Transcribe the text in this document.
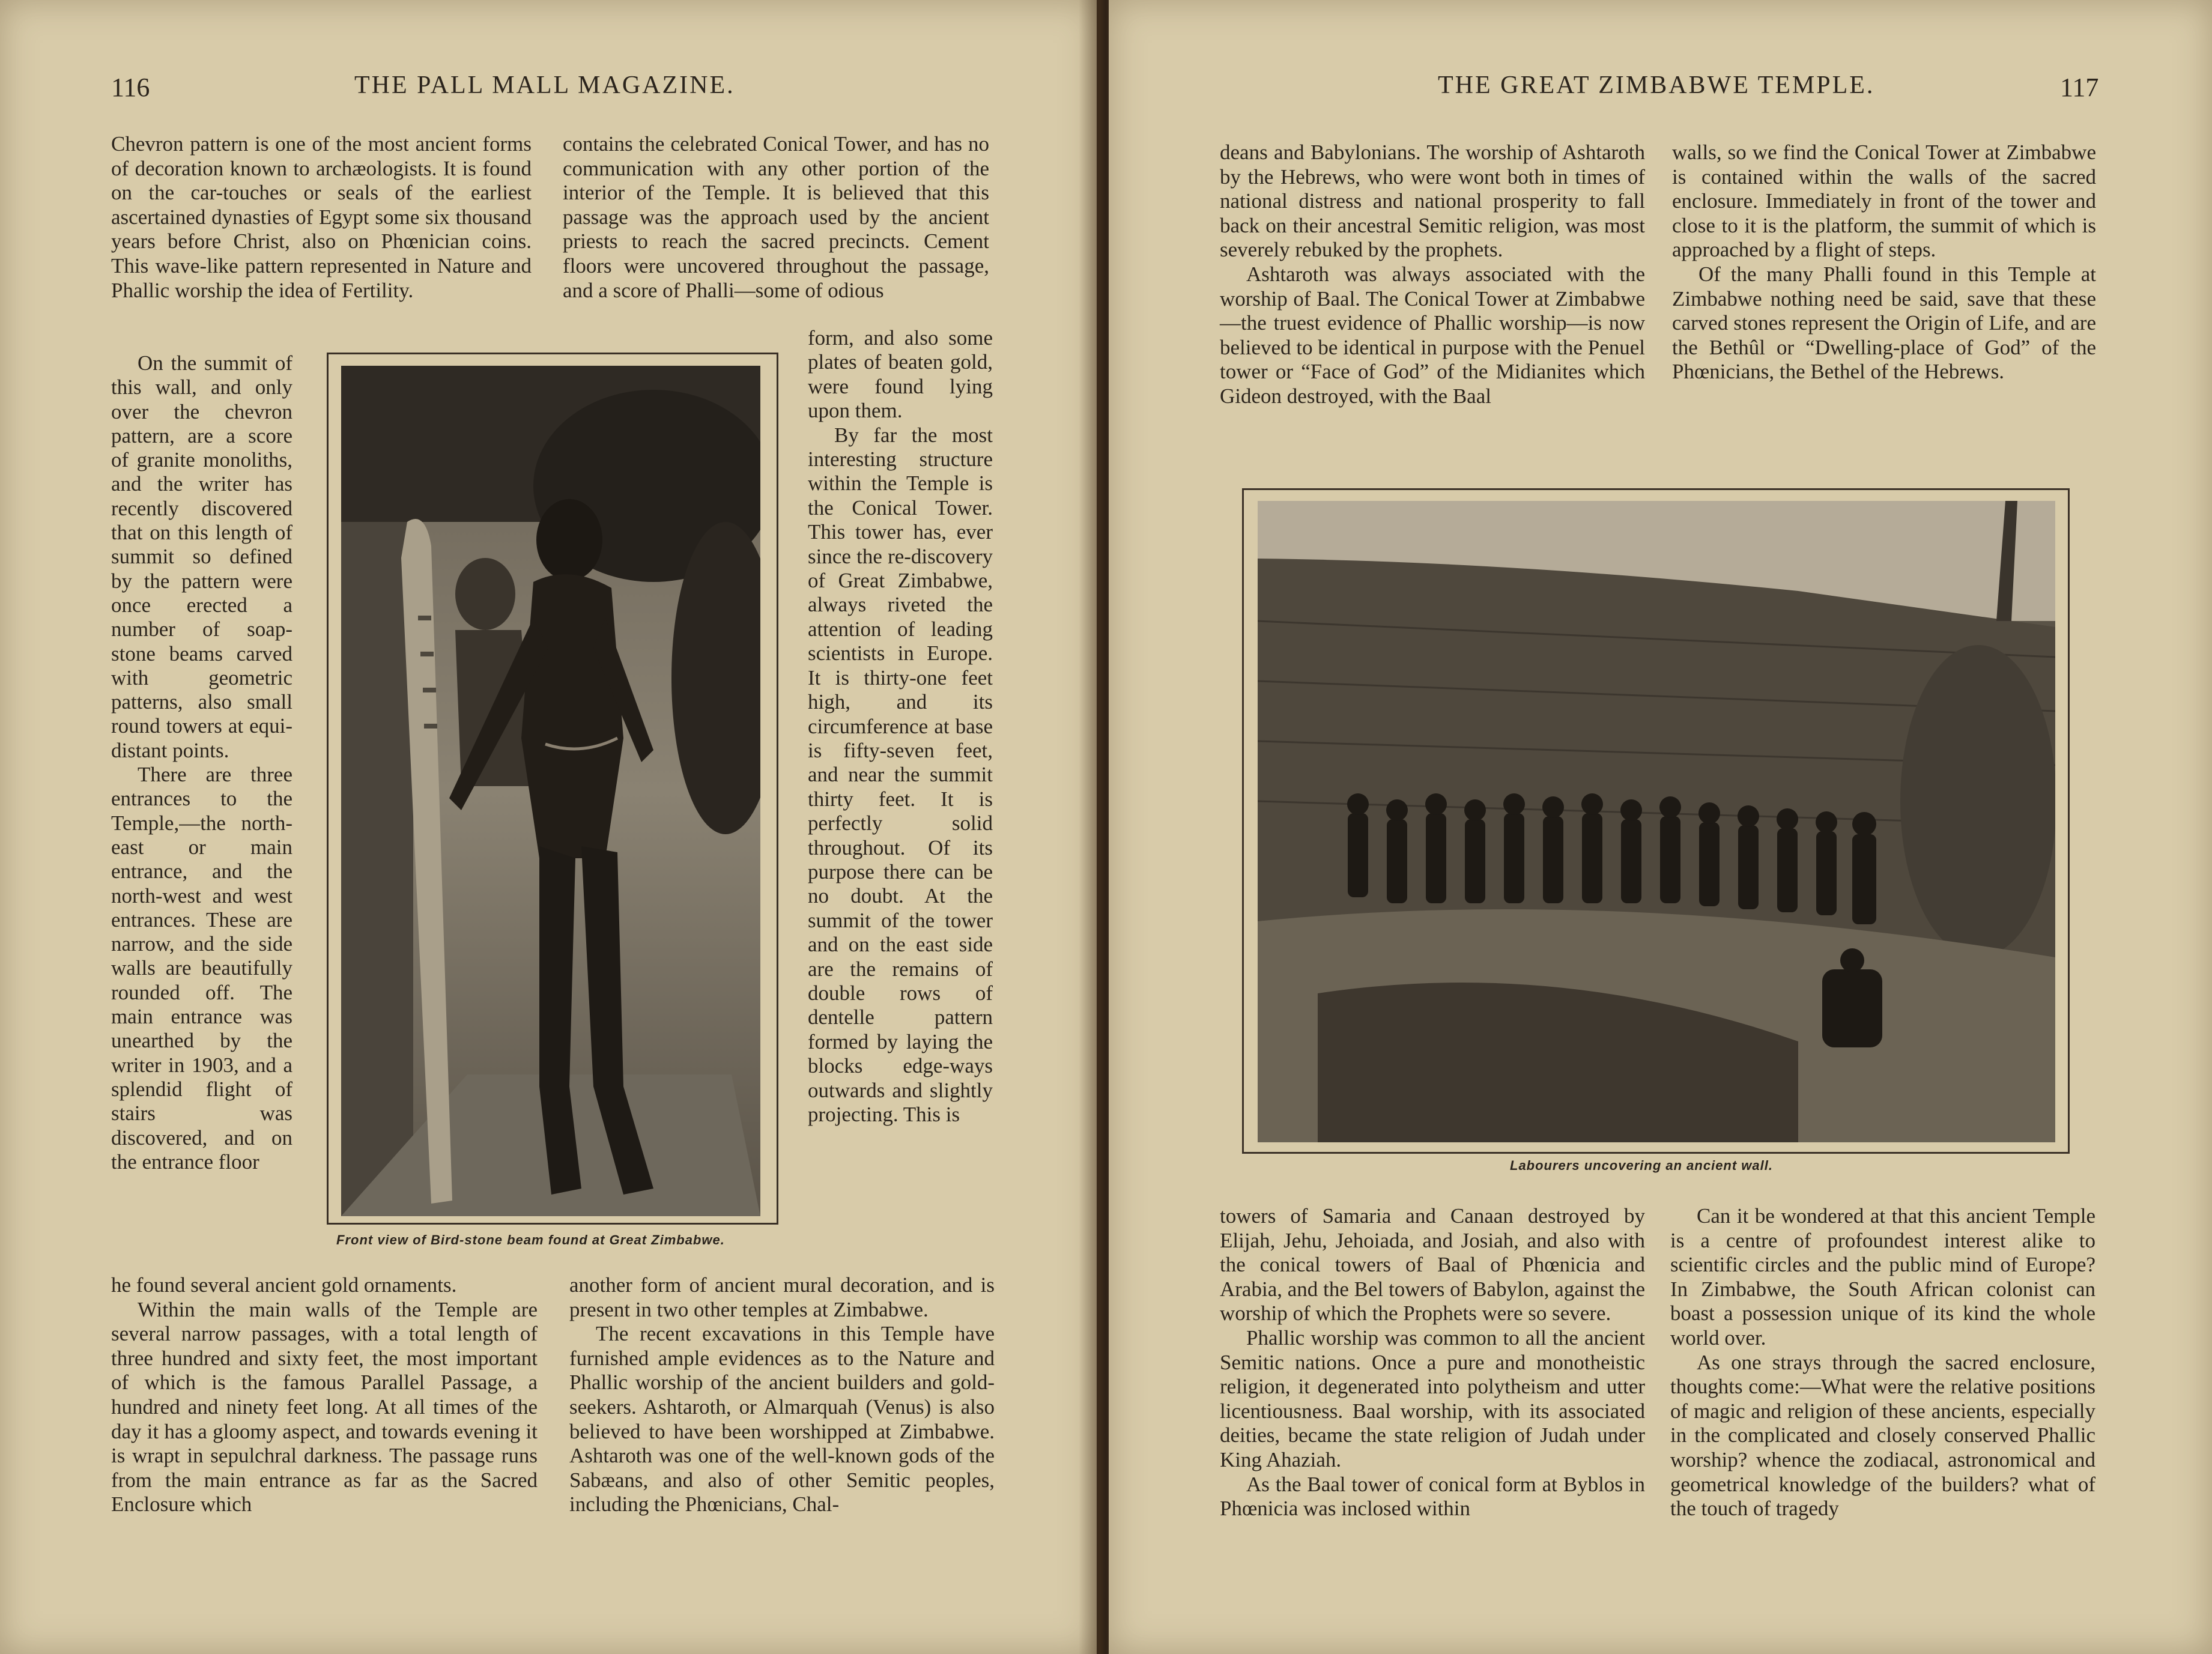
116	THE PALL MALL MAGAZINE.

Chevron pattern is one of the most ancient forms of decoration known to archæologists. It is found on the car-touches or seals of the earliest ascertained dynasties of Egypt some six thousand years before Christ, also on Phœnician coins. This wave-like pattern represented in Nature and Phallic worship the idea of Fertility.

On the summit of this wall, and only over the chevron pattern, are a score of granite monoliths, and the writer has recently discovered that on this length of summit so defined by the pattern were once erected a number of soap-stone beams carved with geometric patterns, also small round towers at equi-distant points.

There are three entrances to the Temple,—the north-east or main entrance, and the north-west and west entrances. These are narrow, and the side walls are beautifully rounded off. The main entrance was unearthed by the writer in 1903, and a splendid flight of stairs was discovered, and on the entrance floor

he found several ancient gold ornaments.

Within the main walls of the Temple are several narrow passages, with a total length of three hundred and sixty feet, the most important of which is the famous Parallel Passage, a hundred and ninety feet long. At all times of the day it has a gloomy aspect, and towards evening it is wrapt in sepulchral darkness. The passage runs from the main entrance as far as the Sacred Enclosure which

contains the celebrated Conical Tower, and has no communication with any other portion of the interior of the Temple. It is believed that this passage was the approach used by the ancient priests to reach the sacred precincts. Cement floors were uncovered throughout the passage, and a score of Phalli—some of odious

form, and also some plates of beaten gold, were found lying upon them.

By far the most interesting structure within the Temple is the Conical Tower. This tower has, ever since the re-discovery of Great Zimbabwe, always riveted the attention of leading scientists in Europe. It is thirty-one feet high, and its circumference at base is fifty-seven feet, and near the summit thirty feet. It is perfectly solid throughout. Of its purpose there can be no doubt. At the summit of the tower and on the east side are the remains of double rows of dentelle pattern formed by laying the blocks edge-ways outwards and slightly projecting. This is

another form of ancient mural decoration, and is present in two other temples at Zimbabwe.

The recent excavations in this Temple have furnished ample evidences as to the Nature and Phallic worship of the ancient builders and gold-seekers. Ashtaroth, or Almarquah (Venus) is also believed to have been worshipped at Zimbabwe. Ashtaroth was one of the well-known gods of the Sabæans, and also of other Semitic peoples, including the Phœnicians, Chal-

Front view of Bird-stone beam found at Great Zimbabwe.
THE GREAT ZIMBABWE TEMPLE.	117

deans and Babylonians. The worship of Ashtaroth by the Hebrews, who were wont both in times of national distress and national prosperity to fall back on their ancestral Semitic religion, was most severely rebuked by the prophets.

Ashtaroth was always associated with the worship of Baal. The Conical Tower at Zimbabwe—the truest evidence of Phallic worship—is now believed to be identical in purpose with the Penuel tower or “Face of God” of the Midianites which Gideon destroyed, with the Baal

walls, so we find the Conical Tower at Zimbabwe is contained within the walls of the sacred enclosure. Immediately in front of the tower and close to it is the platform, the summit of which is approached by a flight of steps.

Of the many Phalli found in this Temple at Zimbabwe nothing need be said, save that these carved stones represent the Origin of Life, and are the Bethûl or “Dwelling-place of God” of the Phœnicians, the Bethel of the Hebrews.

Labourers uncovering an ancient wall.

towers of Samaria and Canaan destroyed by Elijah, Jehu, Jehoiada, and Josiah, and also with the conical towers of Baal of Phœnicia and Arabia, and the Bel towers of Babylon, against the worship of which the Prophets were so severe.

Phallic worship was common to all the ancient Semitic nations. Once a pure and monotheistic religion, it degenerated into polytheism and utter licentiousness. Baal worship, with its associated deities, became the state religion of Judah under King Ahaziah.

As the Baal tower of conical form at Byblos in Phœnicia was inclosed within

Can it be wondered at that this ancient Temple is a centre of profoundest interest alike to scientific circles and the public mind of Europe? In Zimbabwe, the South African colonist can boast a possession unique of its kind the whole world over.

As one strays through the sacred enclosure, thoughts come:—What were the relative positions of magic and religion of these ancients, especially in the complicated and closely conserved Phallic worship? whence the zodiacal, astronomical and geometrical knowledge of the builders? what of the touch of tragedy
